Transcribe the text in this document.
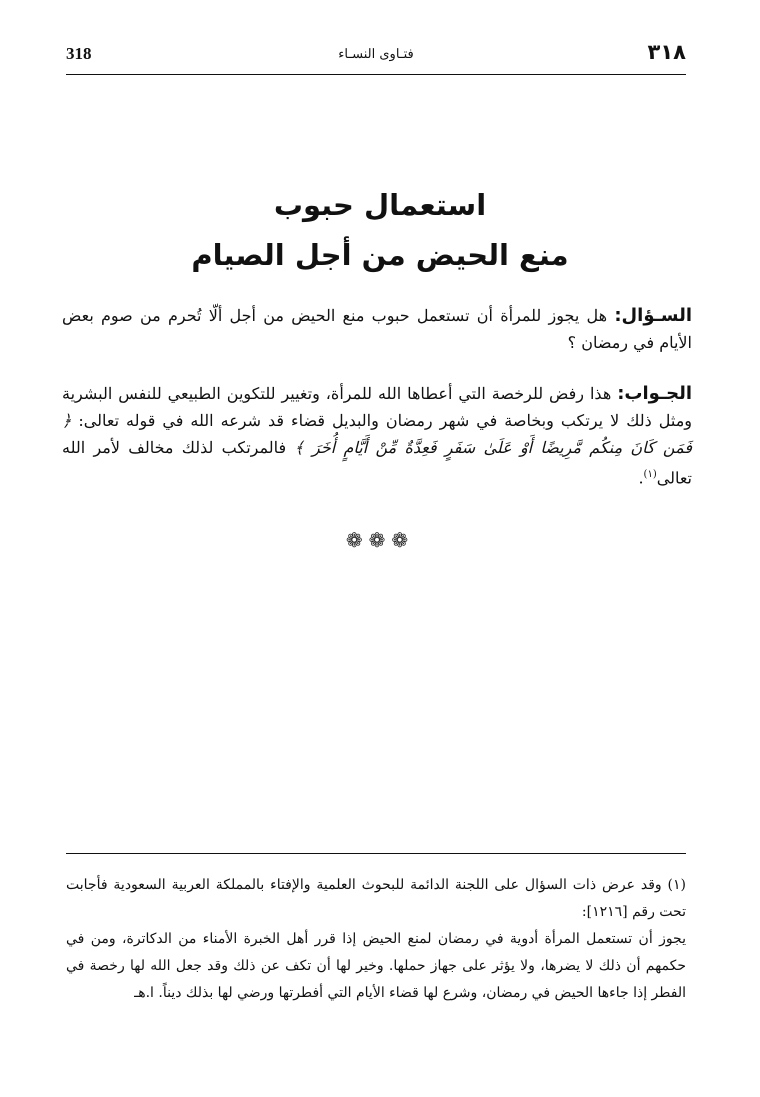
318	فتـاوى النسـاء	٣١٨
استعمال حبوب
منع الحيض من أجل الصيام
السـؤال: هل يجوز للمرأة أن تستعمل حبوب منع الحيض من أجل ألّا تُحرم من صوم بعض الأيام في رمضان ؟
الجـواب: هذا رفض للرخصة التي أعطاها الله للمرأة، وتغيير للتكوين الطبيعي للنفس البشرية ومثل ذلك لا يرتكب وبخاصة في شهر رمضان والبديل قضاء قد شرعه الله في قوله تعالى: ﴿ فَمَن كَانَ مِنكُم مَّرِيضًا أَوْ عَلَىٰ سَفَرٍ فَعِدَّةٌ مِّنْ أَيَّامٍ أُخَرَ ﴾ فالمرتكب لذلك مخالف لأمر الله تعالى$^{(١)}$.
❁❁❁

(١) وقد عرض ذات السؤال على اللجنة الدائمة للبحوث العلمية والإفتاء بالمملكة العربية السعودية فأجابت تحت رقم [١٢١٦]:

يجوز أن تستعمل المرأة أدوية في رمضان لمنع الحيض إذا قرر أهل الخبرة الأمناء من الدكاترة، ومن في حكمهم أن ذلك لا يضرها، ولا يؤثر على جهاز حملها. وخير لها أن تكف عن ذلك وقد جعل الله لها رخصة في الفطر إذا جاءها الحيض في رمضان، وشرع لها قضاء الأيام التي أفطرتها ورضي لها بذلك ديناً. ا.هـ
